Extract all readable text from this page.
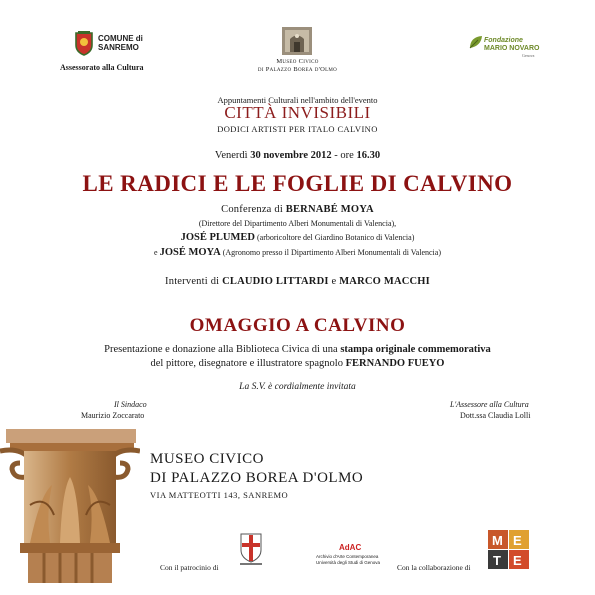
COMUNE di
SANREMO
Assessorato alla Cultura
Museo Civico
di Palazzo Borea d'Olmo
Fondazione
MARIO NOVARO
Genova
Appuntamenti Culturali nell'ambito dell'evento
CITTÀ INVISIBILI
DODICI ARTISTI PER ITALO CALVINO
Venerdì 30 novembre 2012 - ore 16.30
LE RADICI E LE FOGLIE DI CALVINO
Conferenza di BERNABÉ MOYA
(Direttore del Dipartimento Alberi Monumentali di Valencia),
JOSÉ PLUMED (arboricoltore del Giardino Botanico di Valencia)
e JOSÉ MOYA (Agronomo presso il Dipartimento Alberi Monumentali di Valencia)
Interventi di CLAUDIO LITTARDI e MARCO MACCHI
OMAGGIO A CALVINO
Presentazione e donazione alla Biblioteca Civica di una stampa originale commemorativa
del pittore, disegnatore e illustratore spagnolo FERNANDO FUEYO
La S.V. è cordialmente invitata
Il Sindaco
Maurizio Zoccarato
L'Assessore alla Cultura
Dott.ssa Claudia Lolli
MUSEO CIVICO
DI PALAZZO BOREA D'OLMO
VIA MATTEOTTI 143, SANREMO
Con il patrocinio di
AdAC
Archivio d'Arte Contemporanea
Università degli Studi di Genova
Con la collaborazione di
M E
T E
